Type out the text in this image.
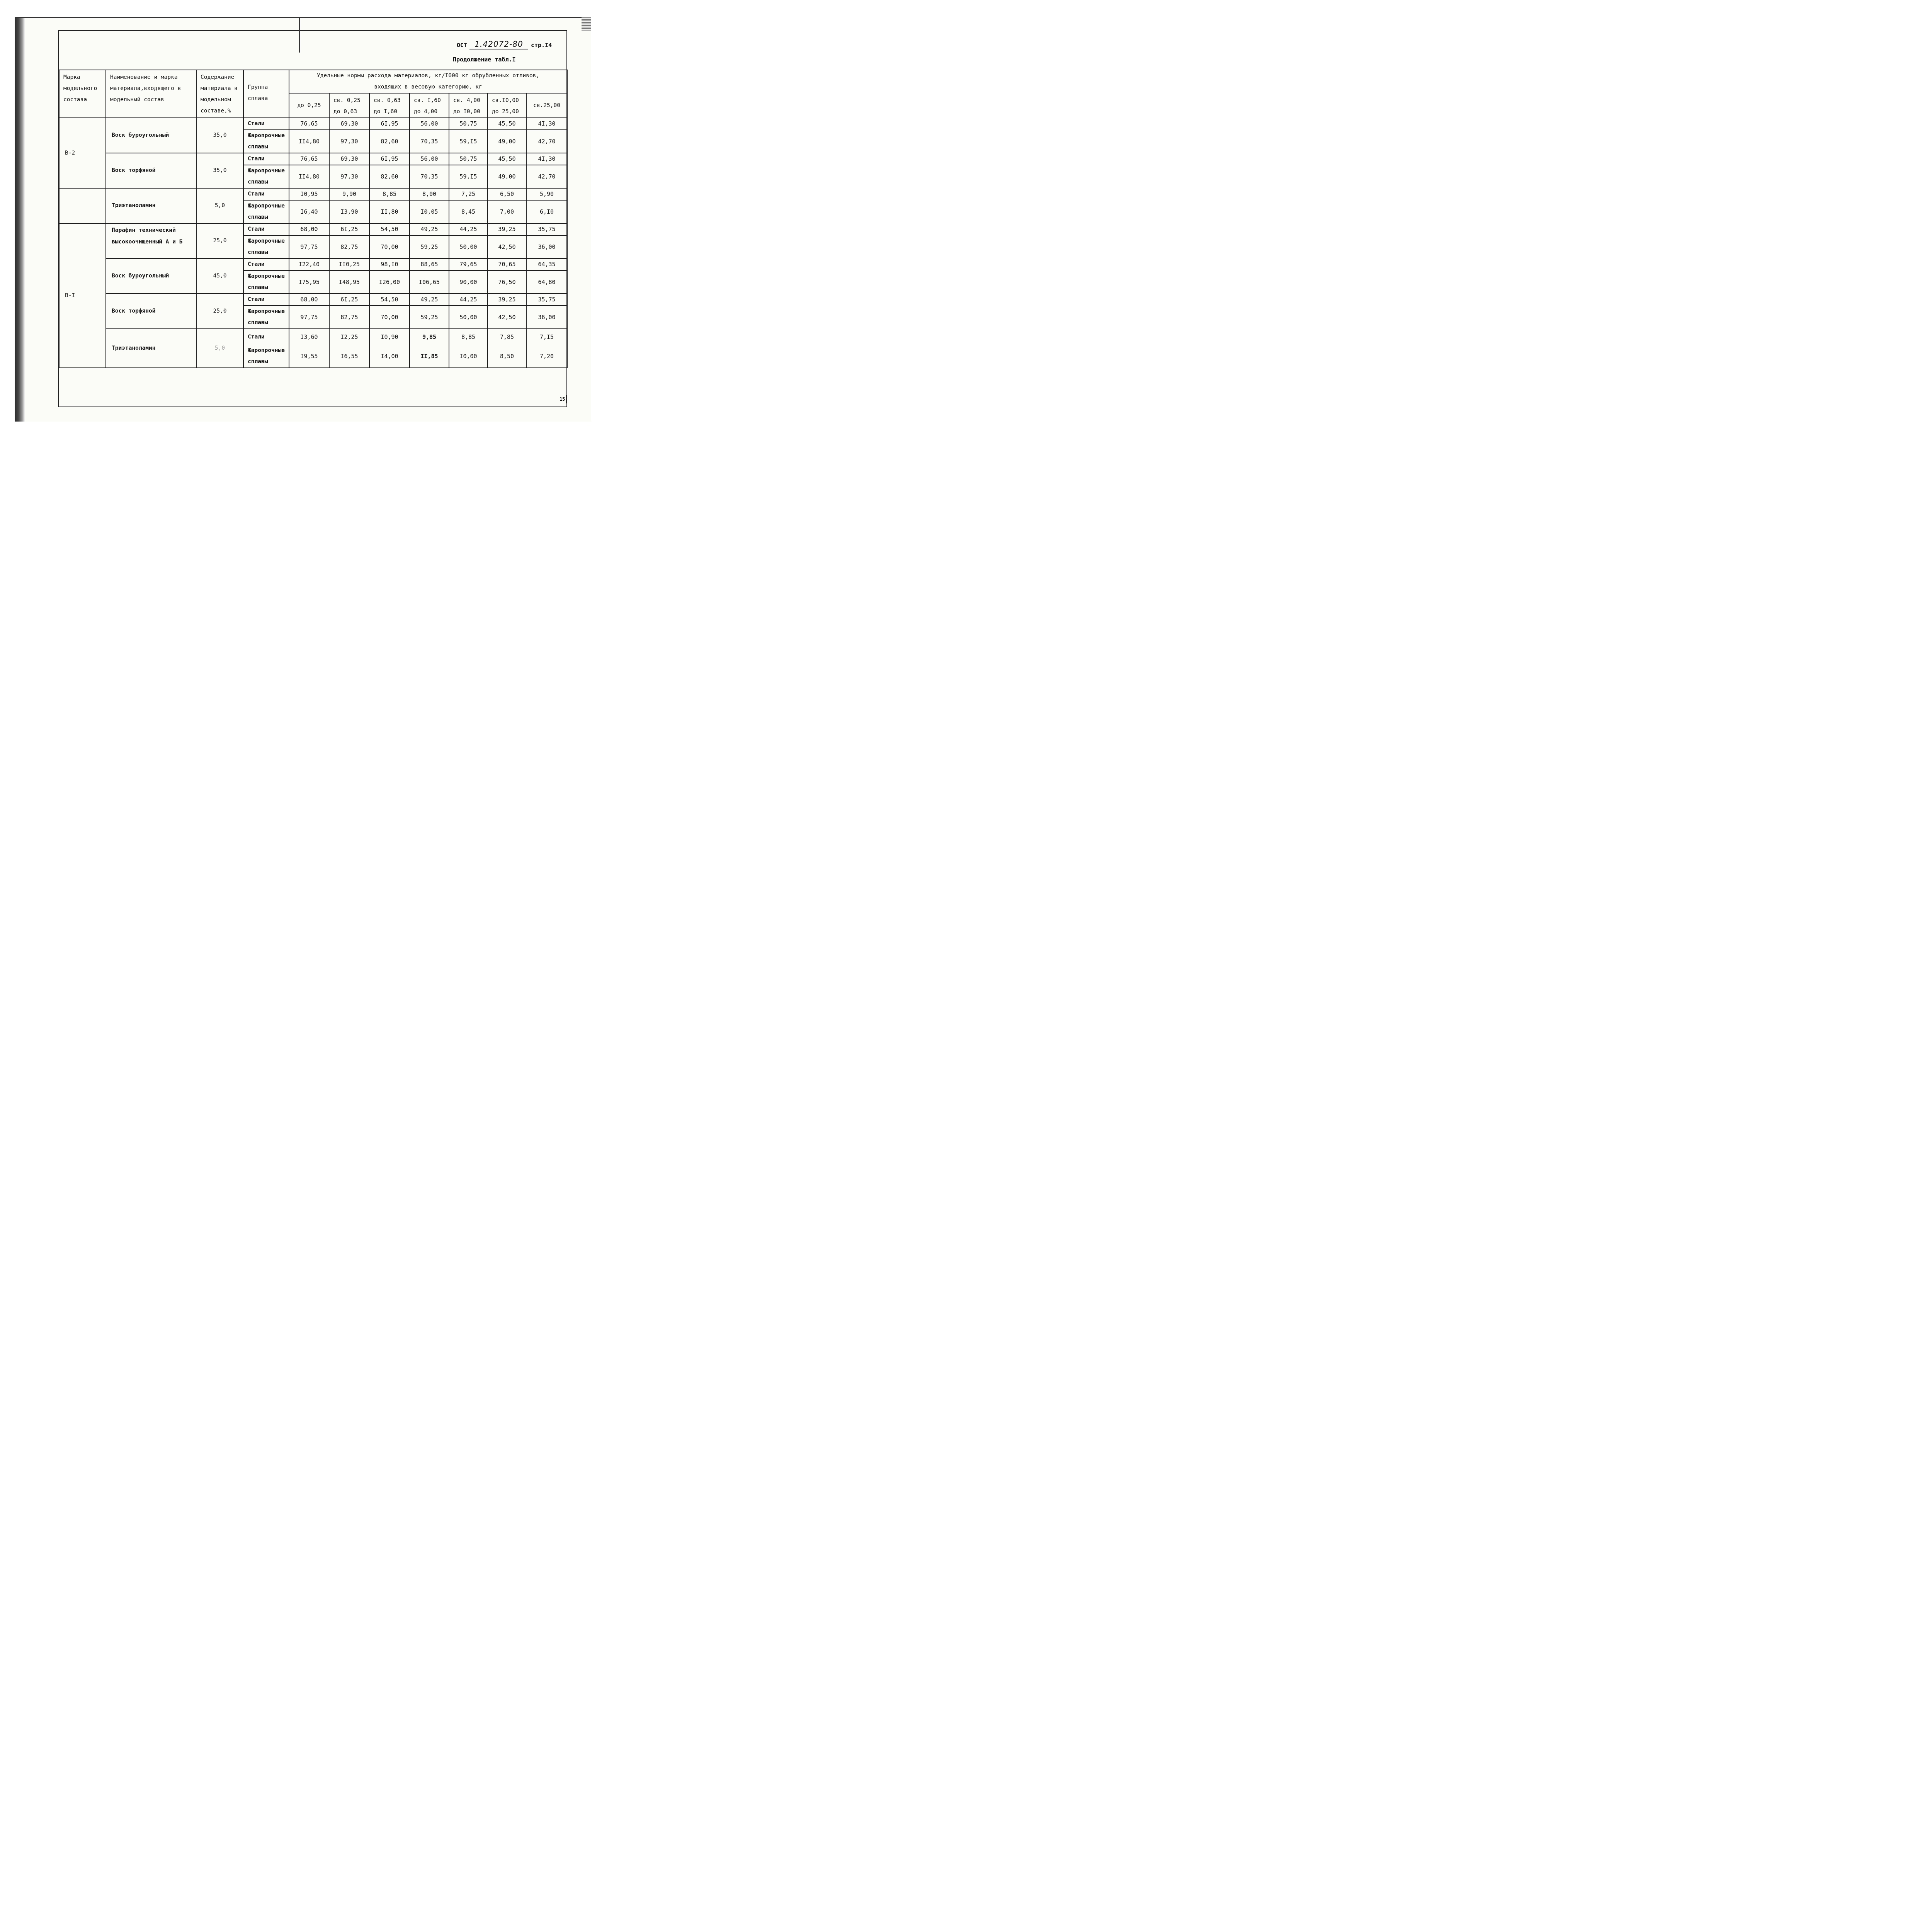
ОСТ 1.42072-80	стр.I4
Продолжение табл.I
Марка модельного состава	Наименование и марка материала,входящего в модельный состав	Содержание материала в модельном составе,%	Группа сплава	Удельные нормы расхода материалов, кг/I000 кг обрубленных отливов, входящих в весовую категорию, кг						
				до 0,25	св. 0,25 до 0,63	св. 0,63 до I,60	св. I,60 до 4,00	св. 4,00 до I0,00	св.I0,00 до 25,00	св.25,00
В-2	Воск буроугольный	35,0	Стали	76,65	69,30	6I,95	56,00	50,75	45,50	4I,30
			Жаропрочные сплавы	II4,80	97,30	82,60	70,35	59,I5	49,00	42,70
	Воск торфяной	35,0	Стали	76,65	69,30	6I,95	56,00	50,75	45,50	4I,30
			Жаропрочные сплавы	II4,80	97,30	82,60	70,35	59,I5	49,00	42,70
	Триэтаноламин	5,0	Стали	I0,95	9,90	8,85	8,00	7,25	6,50	5,90
			Жаропрочные сплавы	I6,40	I3,90	II,80	I0,05	8,45	7,00	6,I0
В-I	Парафин технический высокоочищенный А и Б	25,0	Стали	68,00	6I,25	54,50	49,25	44,25	39,25	35,75
			Жаропрочные сплавы	97,75	82,75	70,00	59,25	50,00	42,50	36,00
	Воск буроугольный	45,0	Стали	I22,40	II0,25	98,I0	88,65	79,65	70,65	64,35
			Жаропрочные сплавы	I75,95	I48,95	I26,00	I06,65	90,00	76,50	64,80
	Воск торфяной	25,0	Стали	68,00	6I,25	54,50	49,25	44,25	39,25	35,75
			Жаропрочные сплавы	97,75	82,75	70,00	59,25	50,00	42,50	36,00
	Триэтаноламин	5,0	Стали	I3,60	I2,25	I0,90	9,85	8,85	7,85	7,I5
			Жаропрочные сплавы	I9,55	I6,55	I4,00	II,85	I0,00	8,50	7,20
15
